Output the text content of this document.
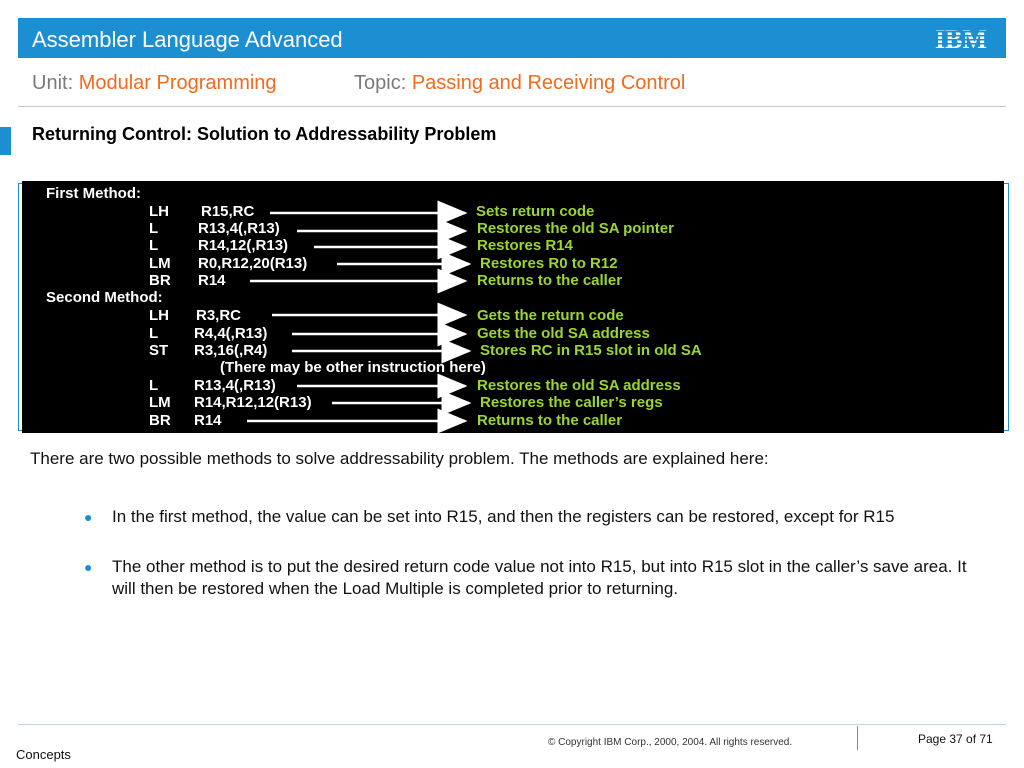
Assembler Language Advanced
Unit: Modular Programming	Topic: Passing and Receiving Control
Returning Control: Solution to Addressability Problem
First Method:
LH R15,RC	Sets return code
L	R13,4(,R13)	Restores the old SA pointer
L	R14,12(,R13)	Restores R14
LM R0,R12,20(R13)	Restores R0 to R12
BR R14	Returns to the caller
Second Method:
LH R3,RC	Gets the return code
L R4,4(,R13)	Gets the old SA address
ST R3,16(,R4)	Stores RC in R15 slot in old SA
(There may be other instruction here)
L R13,4(,R13)	Restores the old SA address
LM R14,R12,12(R13)	Restores the caller’s regs
BR R14	Returns to the caller
There are two possible methods to solve addressability problem. The methods are explained here:
● In the first method, the value can be set into R15, and then the registers can be restored, except for R15
● The other method is to put the desired return code value not into R15, but into R15 slot in the caller’s save area. It will then be restored when the Load Multiple is completed prior to returning.
© Copyright IBM Corp., 2000, 2004. All rights reserved.	Page 37 of 71
Concepts
